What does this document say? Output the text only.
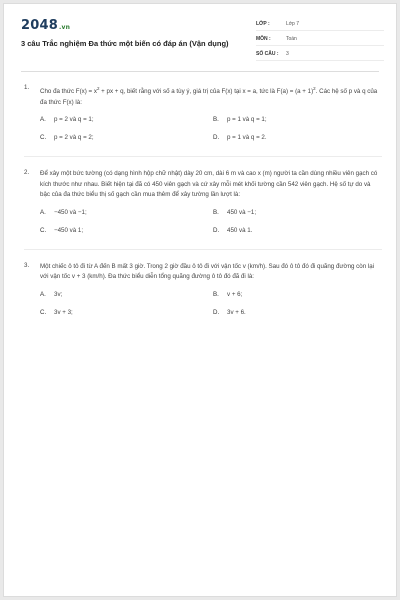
2048.vn
3 câu Trắc nghiệm Đa thức một biến có đáp án (Vận dụng)
LỚP :	Lớp 7
MÔN :	Toán
SỐ CÂU :	3
1.
Cho đa thức $F(x) = x^2$ + px + q, biết rằng với số a tùy ý, giá trị của F(x) tại x = a, tức là $F(a) = (a + 1)^2$. Các hệ số p và q của đa thức F(x) là:
A.	p = 2 và q = 1;	B.	p = 1 và q = 1;
C.	p = 2 và q = 2;	D.	p = 1 và q = 2.
2. Để xây một bức tường (có dạng hình hộp chữ nhật) dày 20 cm, dài 6 m và cao x (m) người ta cần dùng nhiều viên gạch có kích thước như nhau. Biết hiện tại đã có 450 viên gạch và cứ xây mỗi mét khối tường cần 542 viên gạch. Hệ số tự do và bậc của đa thức biểu thị số gạch cần mua thêm để xây tường lần lượt là:
A.	−450 và −1;	B.	450 và −1;
C.	−450 và 1;	D.	450 và 1.
3. Một chiếc ô tô đi từ A đến B mất 3 giờ. Trong 2 giờ đầu ô tô đi với vận tốc v (km/h). Sau đó ô tô đó đi quãng đường còn lại với vận tốc v + 3 (km/h). Đa thức biểu diễn tổng quãng đường ô tô đó đã đi là:
A.	3v;	B.	v + 6;
C.	3v + 3;	D.	3v + 6.
